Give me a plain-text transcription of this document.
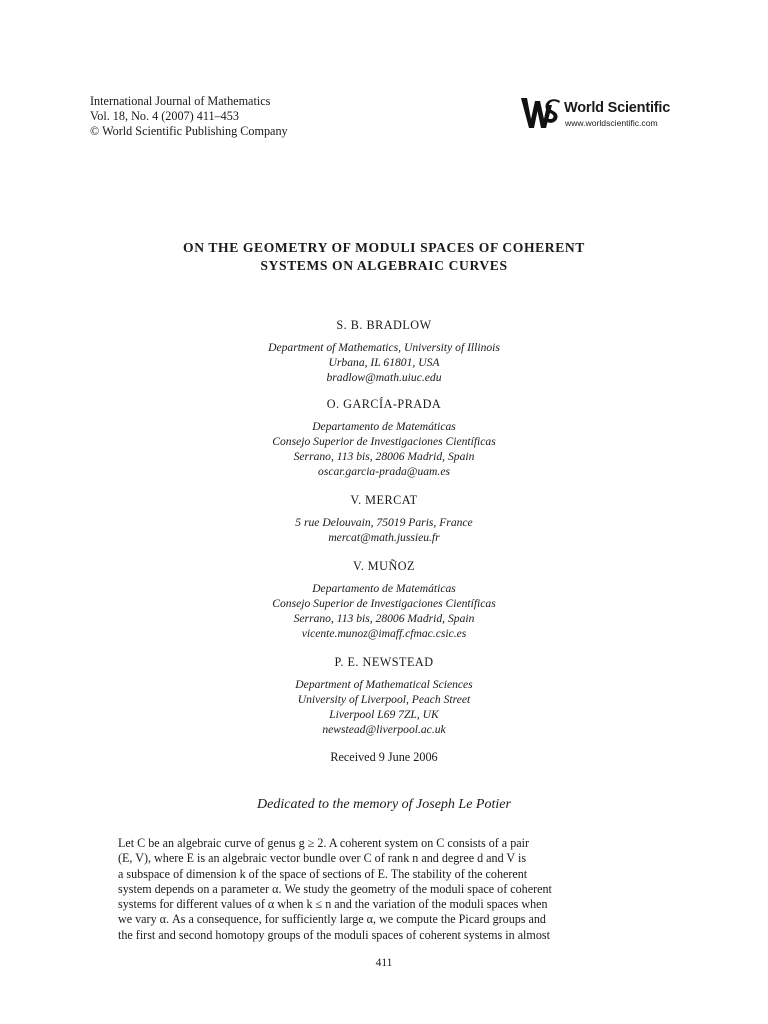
International Journal of Mathematics
Vol. 18, No. 4 (2007) 411–453
© World Scientific Publishing Company
World Scientific
www.worldscientific.com
ON THE GEOMETRY OF MODULI SPACES OF COHERENT
SYSTEMS ON ALGEBRAIC CURVES
S. B. BRADLOW
Department of Mathematics, University of Illinois
Urbana, IL 61801, USA
bradlow@math.uiuc.edu
O. GARCÍA-PRADA
Departamento de Matemáticas
Consejo Superior de Investigaciones Científicas
Serrano, 113 bis, 28006 Madrid, Spain
oscar.garcia-prada@uam.es
V. MERCAT
5 rue Delouvain, 75019 Paris, France
mercat@math.jussieu.fr
V. MUÑOZ
Departamento de Matemáticas
Consejo Superior de Investigaciones Científicas
Serrano, 113 bis, 28006 Madrid, Spain
vicente.munoz@imaff.cfmac.csic.es
P. E. NEWSTEAD
Department of Mathematical Sciences
University of Liverpool, Peach Street
Liverpool L69 7ZL, UK
newstead@liverpool.ac.uk
Received 9 June 2006
Dedicated to the memory of Joseph Le Potier
Let C be an algebraic curve of genus g ≥ 2. A coherent system on C consists of a pair
(E, V), where E is an algebraic vector bundle over C of rank n and degree d and V is
a subspace of dimension k of the space of sections of E. The stability of the coherent
system depends on a parameter α. We study the geometry of the moduli space of coherent
systems for different values of α when k ≤ n and the variation of the moduli spaces when
we vary α. As a consequence, for sufficiently large α, we compute the Picard groups and
the first and second homotopy groups of the moduli spaces of coherent systems in almost
411
